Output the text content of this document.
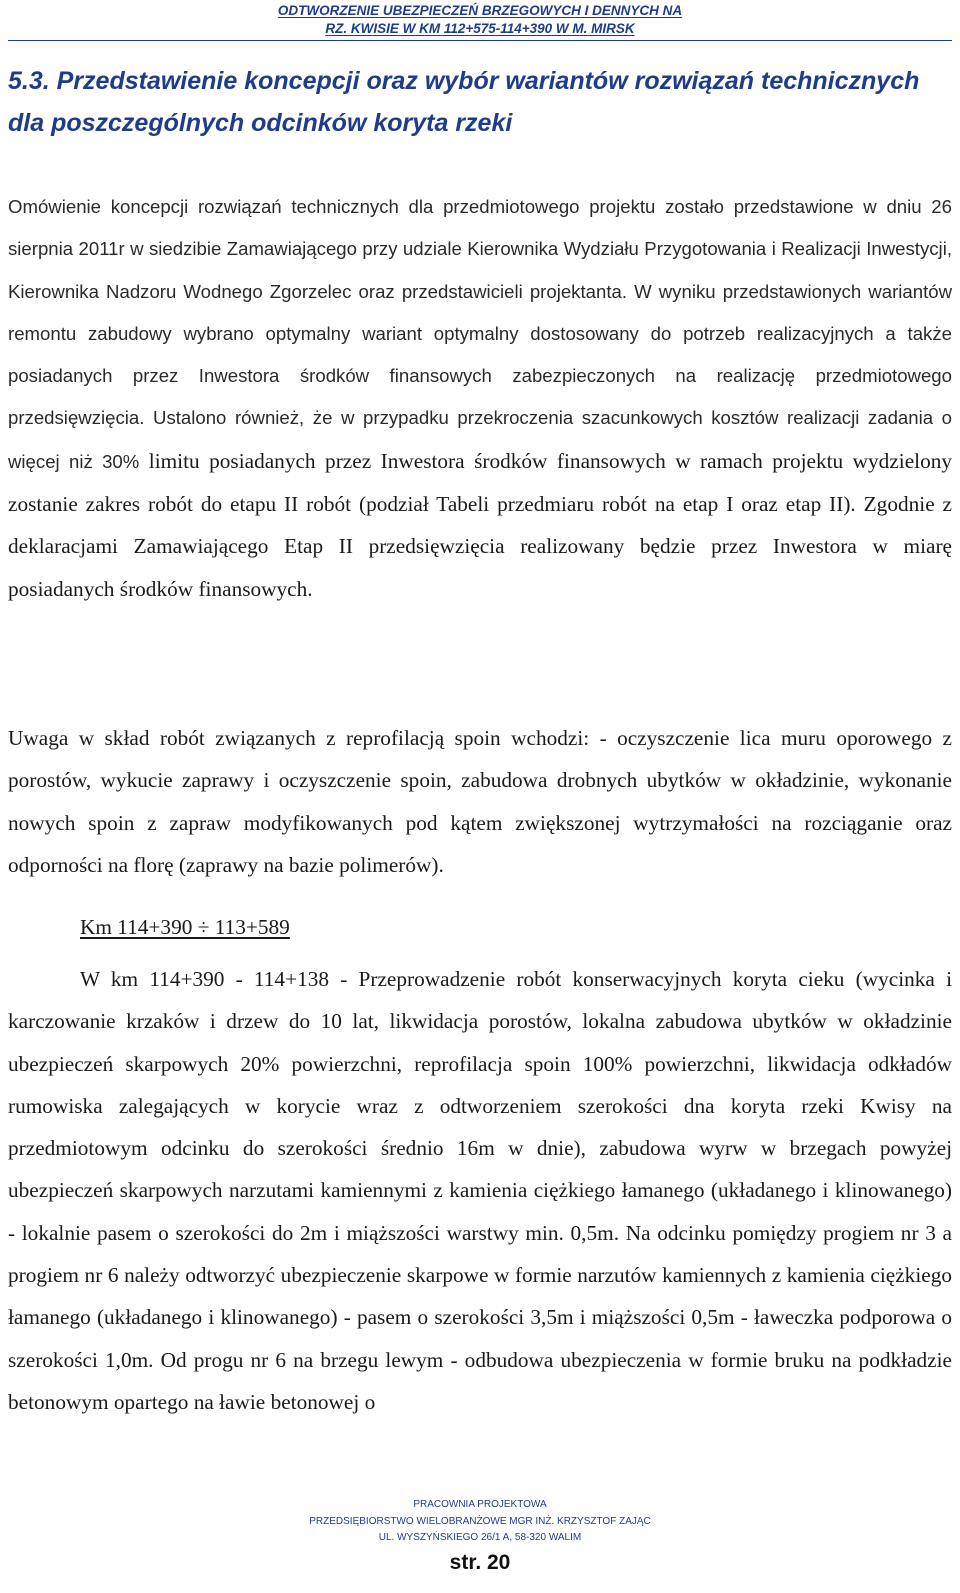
ODTWORZENIE UBEZPIECZEŃ BRZEGOWYCH I DENNYCH NA
RZ. KWISIE W KM 112+575-114+390 W M. MIRSK
5.3. Przedstawienie koncepcji oraz wybór wariantów rozwiązań technicznych dla poszczególnych odcinków koryta rzeki

Omówienie koncepcji rozwiązań technicznych dla przedmiotowego projektu zostało przedstawione w dniu 26 sierpnia 2011r w siedzibie Zamawiającego przy udziale Kierownika Wydziału Przygotowania i Realizacji Inwestycji, Kierownika Nadzoru Wodnego Zgorzelec oraz przedstawicieli projektanta. W wyniku przedstawionych wariantów remontu zabudowy wybrano optymalny wariant optymalny dostosowany do potrzeb realizacyjnych a także posiadanych przez Inwestora środków finansowych zabezpieczonych na realizację przedmiotowego przedsięwzięcia. Ustalono również, że w przypadku przekroczenia szacunkowych kosztów realizacji zadania o więcej niż 30% limitu posiadanych przez Inwestora środków finansowych w ramach projektu wydzielony zostanie zakres robót do etapu II robót (podział Tabeli przedmiaru robót na etap I oraz etap II). Zgodnie z deklaracjami Zamawiającego Etap II przedsięwzięcia realizowany będzie przez Inwestora w miarę posiadanych środków finansowych.

Uwaga w skład robót związanych z reprofilacją spoin wchodzi: - oczyszczenie lica muru oporowego z porostów, wykucie zaprawy i oczyszczenie spoin, zabudowa drobnych ubytków w okładzinie, wykonanie nowych spoin z zapraw modyfikowanych pod kątem zwiększonej wytrzymałości na rozciąganie oraz odporności na florę (zaprawy na bazie polimerów).

Km 114+390 ÷ 113+589

W km 114+390 - 114+138 - Przeprowadzenie robót konserwacyjnych koryta cieku (wycinka i karczowanie krzaków i drzew do 10 lat, likwidacja porostów, lokalna zabudowa ubytków w okładzinie ubezpieczeń skarpowych 20% powierzchni, reprofilacja spoin 100% powierzchni, likwidacja odkładów rumowiska zalegających w korycie wraz z odtworzeniem szerokości dna koryta rzeki Kwisy na przedmiotowym odcinku do szerokości średnio 16m w dnie), zabudowa wyrw w brzegach powyżej ubezpieczeń skarpowych narzutami kamiennymi z kamienia ciężkiego łamanego (układanego i klinowanego) - lokalnie pasem o szerokości do 2m i miąższości warstwy min. 0,5m. Na odcinku pomiędzy progiem nr 3 a progiem nr 6 należy odtworzyć ubezpieczenie skarpowe w formie narzutów kamiennych z kamienia ciężkiego łamanego (układanego i klinowanego) - pasem o szerokości 3,5m i miąższości 0,5m - ławeczka podporowa o szerokości 1,0m. Od progu nr 6 na brzegu lewym - odbudowa ubezpieczenia w formie bruku na podkładzie betonowym opartego na ławie betonowej o

PRACOWNIA PROJEKTOWA
PRZEDSIĘBIORSTWO WIELOBRANŻOWE MGR INŻ. KRZYSZTOF ZAJĄC
UL. WYSZYŃSKIEGO 26/1 A, 58-320 WALIM

str. 20
